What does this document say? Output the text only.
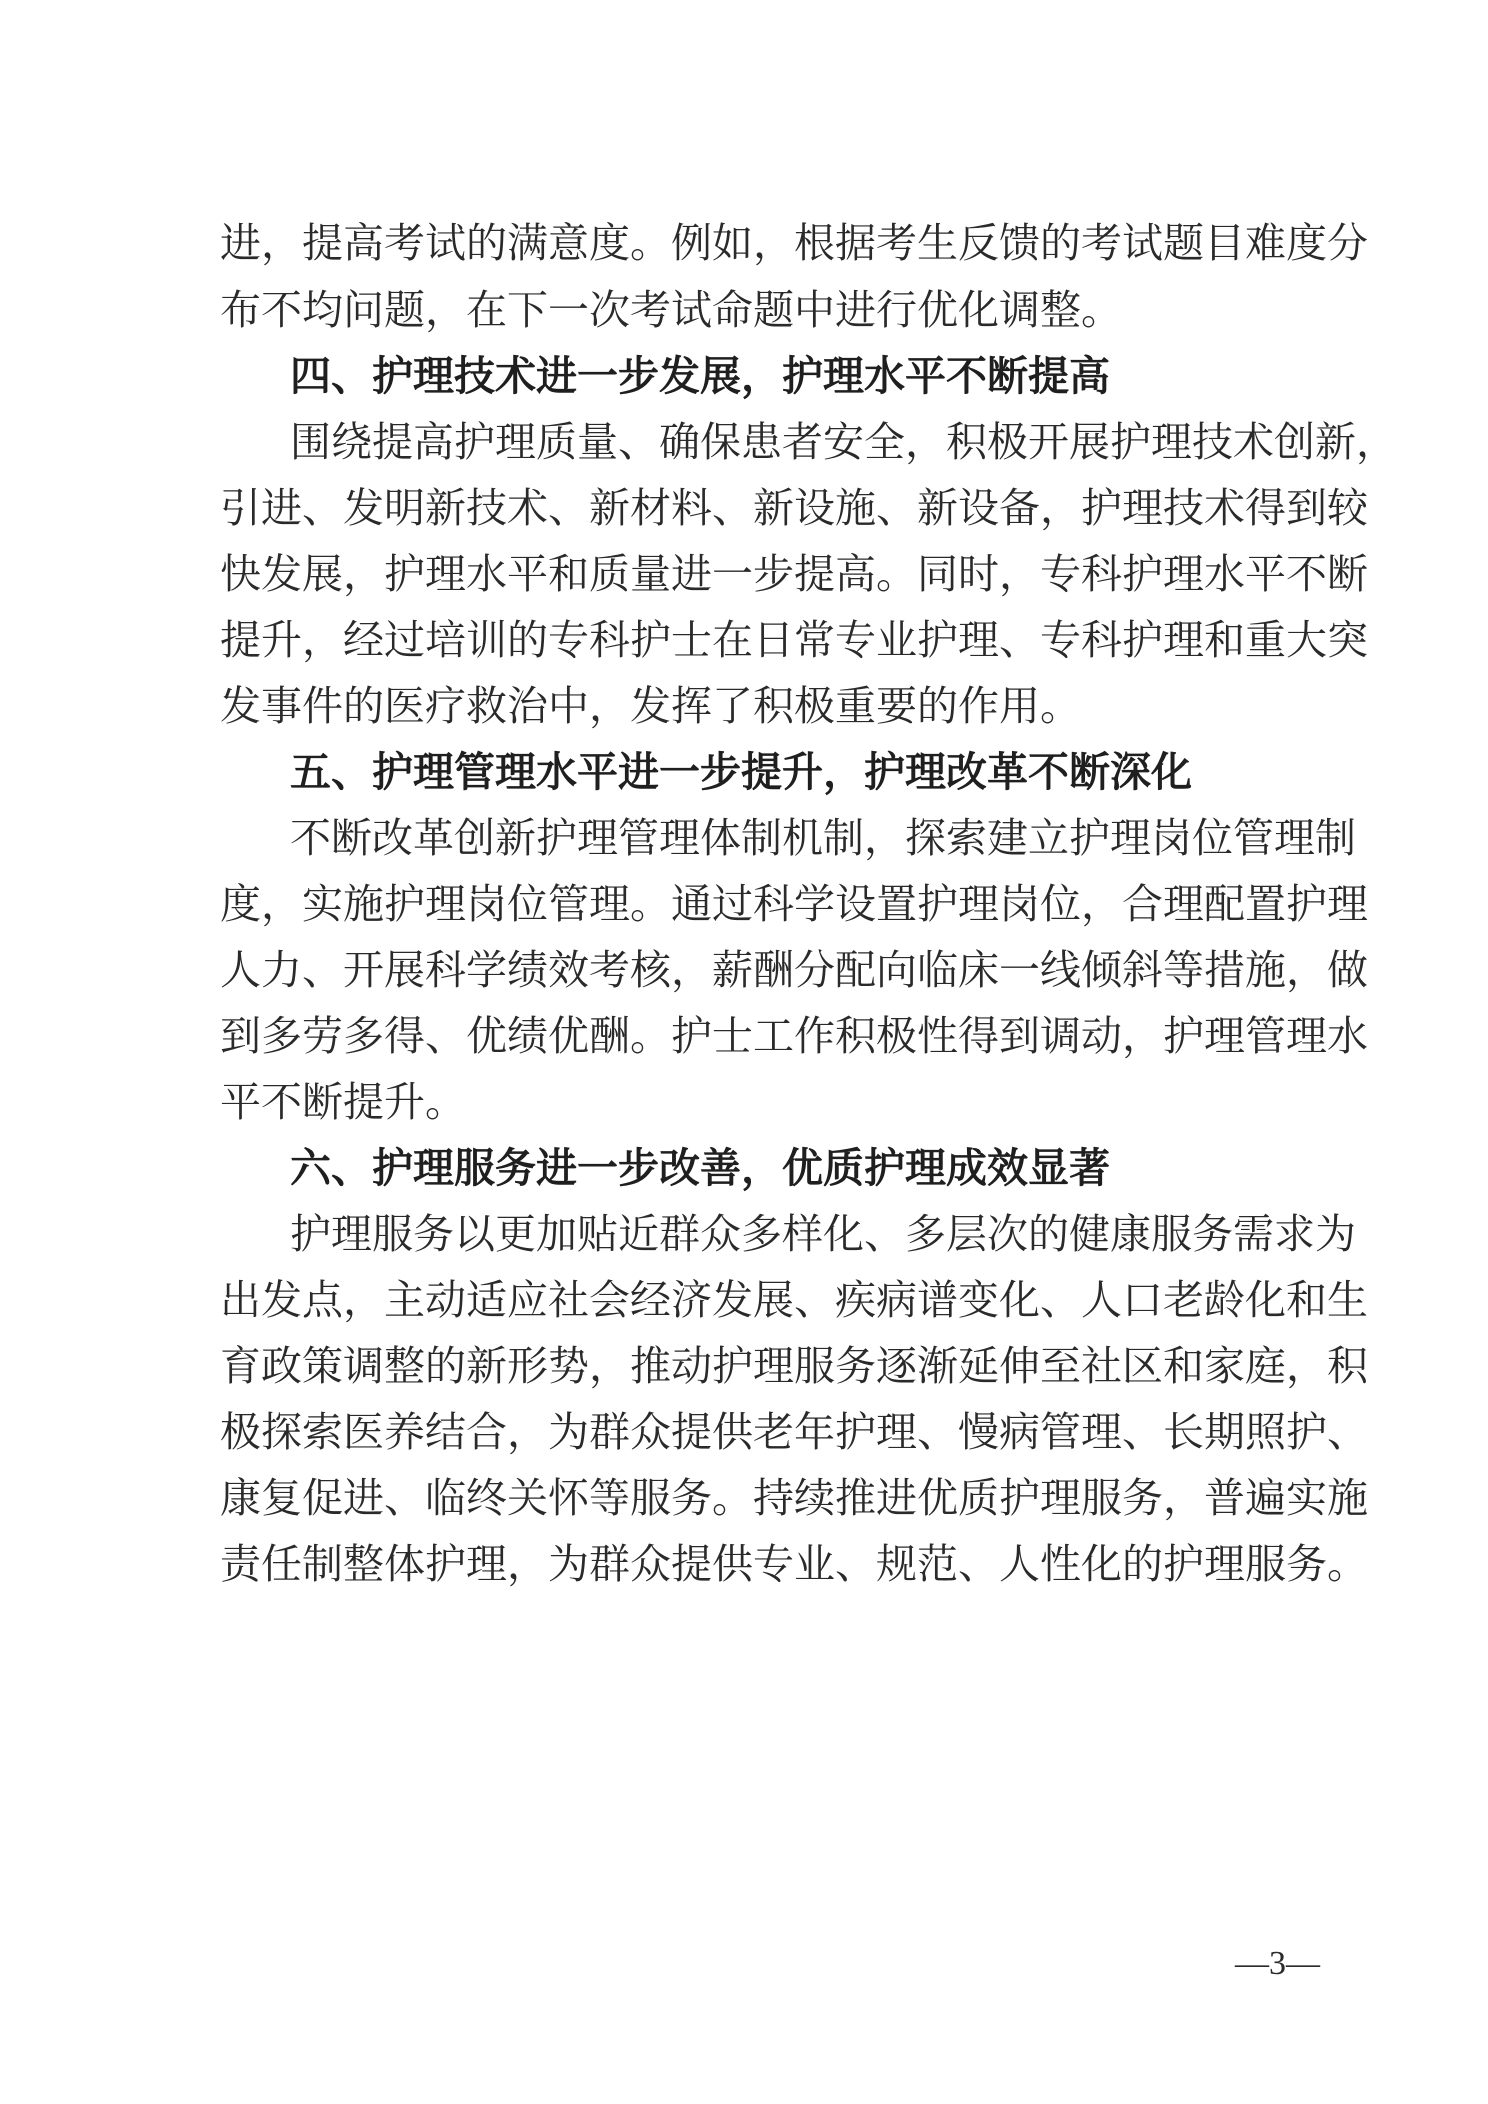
进，提高考试的满意度。例如，根据考生反馈的考试题目难度分
布不均问题，在下一次考试命题中进行优化调整。
四、护理技术进一步发展，护理水平不断提高
围绕提高护理质量、确保患者安全，积极开展护理技术创新，
引进、发明新技术、新材料、新设施、新设备，护理技术得到较
快发展，护理水平和质量进一步提高。同时，专科护理水平不断
提升，经过培训的专科护士在日常专业护理、专科护理和重大突
发事件的医疗救治中，发挥了积极重要的作用。
五、护理管理水平进一步提升，护理改革不断深化
不断改革创新护理管理体制机制，探索建立护理岗位管理制
度，实施护理岗位管理。通过科学设置护理岗位，合理配置护理
人力、开展科学绩效考核，薪酬分配向临床一线倾斜等措施，做
到多劳多得、优绩优酬。护士工作积极性得到调动，护理管理水
平不断提升。
六、护理服务进一步改善，优质护理成效显著
护理服务以更加贴近群众多样化、多层次的健康服务需求为
出发点，主动适应社会经济发展、疾病谱变化、人口老龄化和生
育政策调整的新形势，推动护理服务逐渐延伸至社区和家庭，积
极探索医养结合，为群众提供老年护理、慢病管理、长期照护、
康复促进、临终关怀等服务。持续推进优质护理服务，普遍实施
责任制整体护理，为群众提供专业、规范、人性化的护理服务。
—3—
